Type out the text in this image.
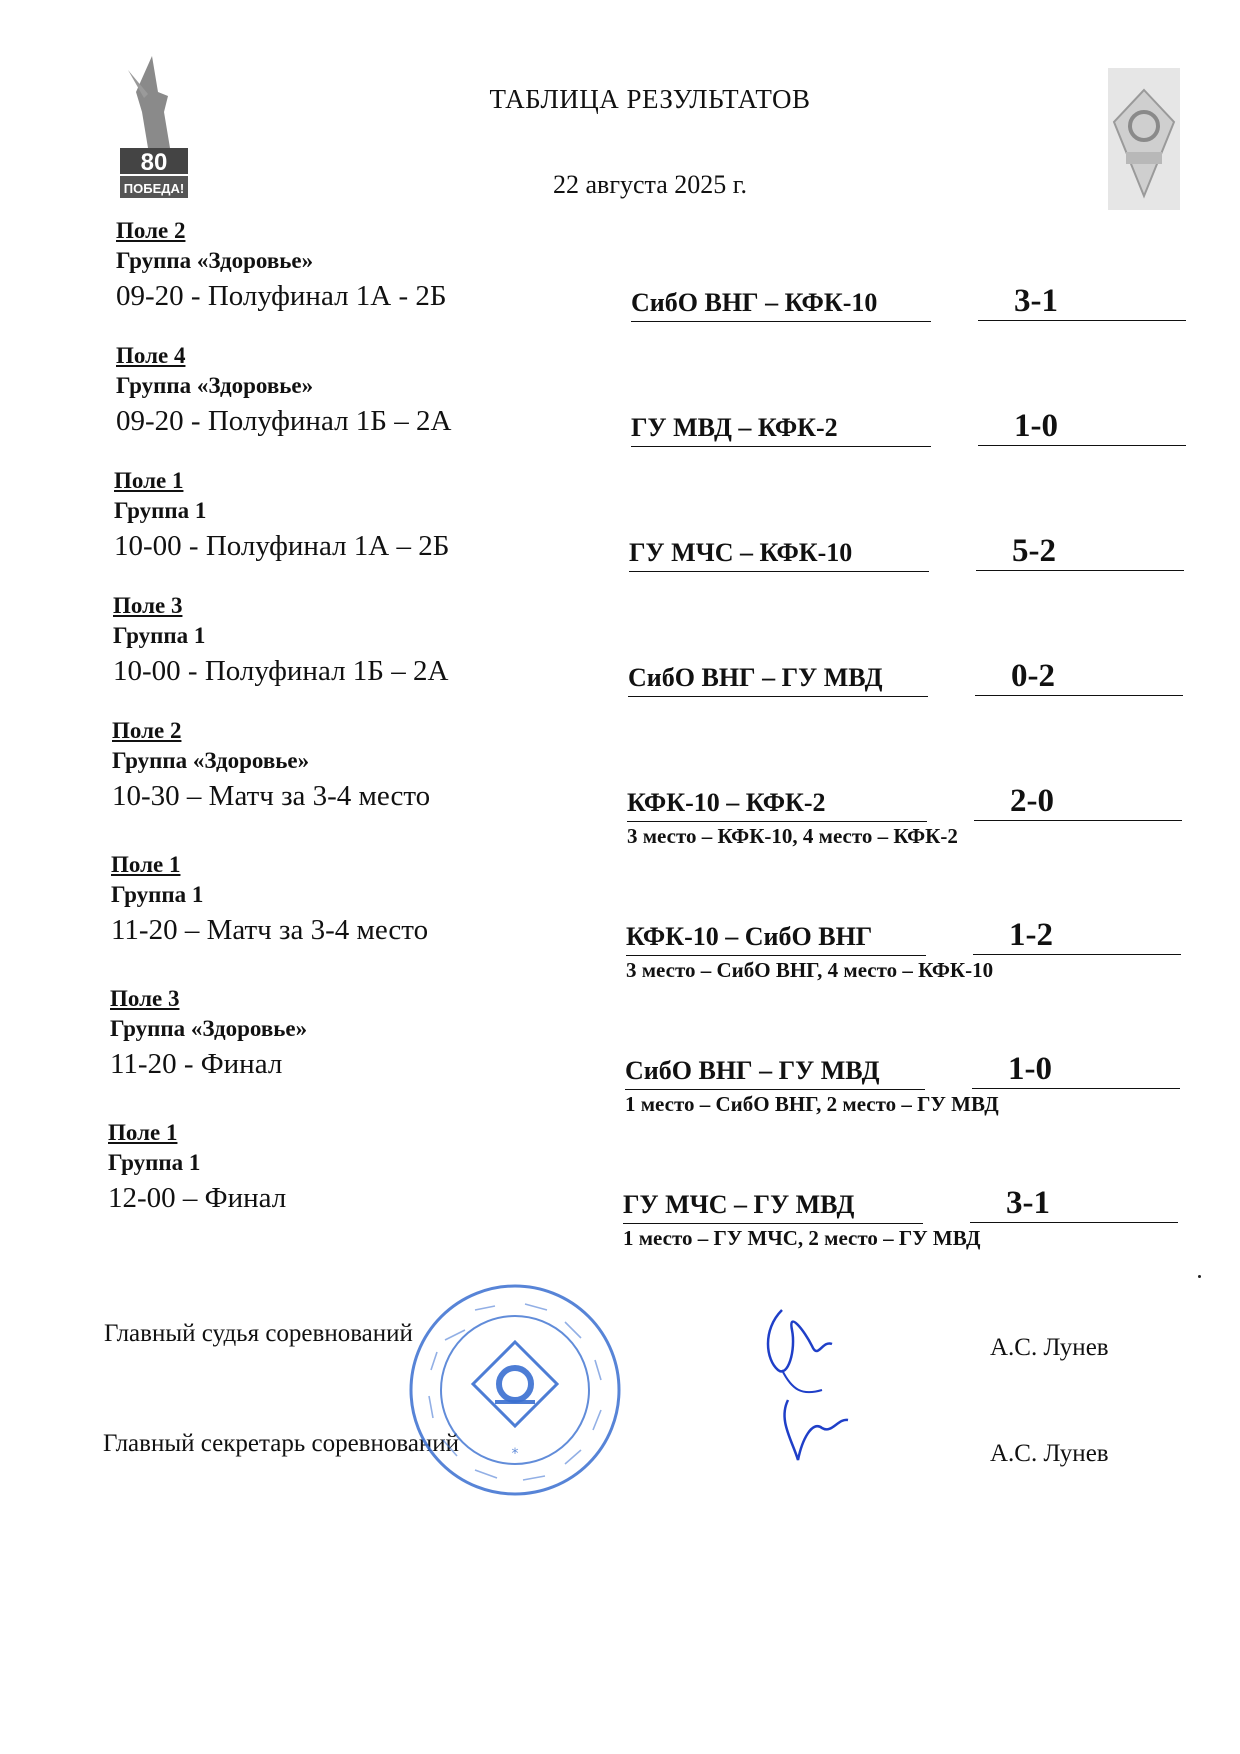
80
ПОБЕДА!
ТАБЛИЦА РЕЗУЛЬТАТОВ
22 августа 2025 г.
Поле 2
Группа «Здоровье»
09-20 - Полуфинал 1А - 2Б	СибО ВНГ – КФК-10	3-1
Поле 4
Группа «Здоровье»
09-20 - Полуфинал 1Б – 2А	ГУ МВД – КФК-2	1-0
Поле 1
Группа 1
10-00 - Полуфинал 1А – 2Б	ГУ МЧС – КФК-10	5-2
Поле 3
Группа 1
10-00 - Полуфинал 1Б – 2А	СибО ВНГ – ГУ МВД	0-2
Поле 2
Группа «Здоровье»
10-30 – Матч за 3-4 место	КФК-10 – КФК-2	2-0
3 место – КФК-10, 4 место – КФК-2
Поле 1
Группа 1
11-20 – Матч за 3-4 место	КФК-10 – СибО ВНГ	1-2
3 место – СибО ВНГ, 4 место – КФК-10
Поле 3
Группа «Здоровье»
11-20 - Финал	СибО ВНГ – ГУ МВД	1-0
1 место – СибО ВНГ, 2 место – ГУ МВД
Поле 1
Группа 1
12-00 – Финал	ГУ МЧС – ГУ МВД	3-1
1 место – ГУ МЧС, 2 место – ГУ МВД
Главный судья соревнований
А.С. Лунев
Главный секретарь соревнований	А.С. Лунев
*
